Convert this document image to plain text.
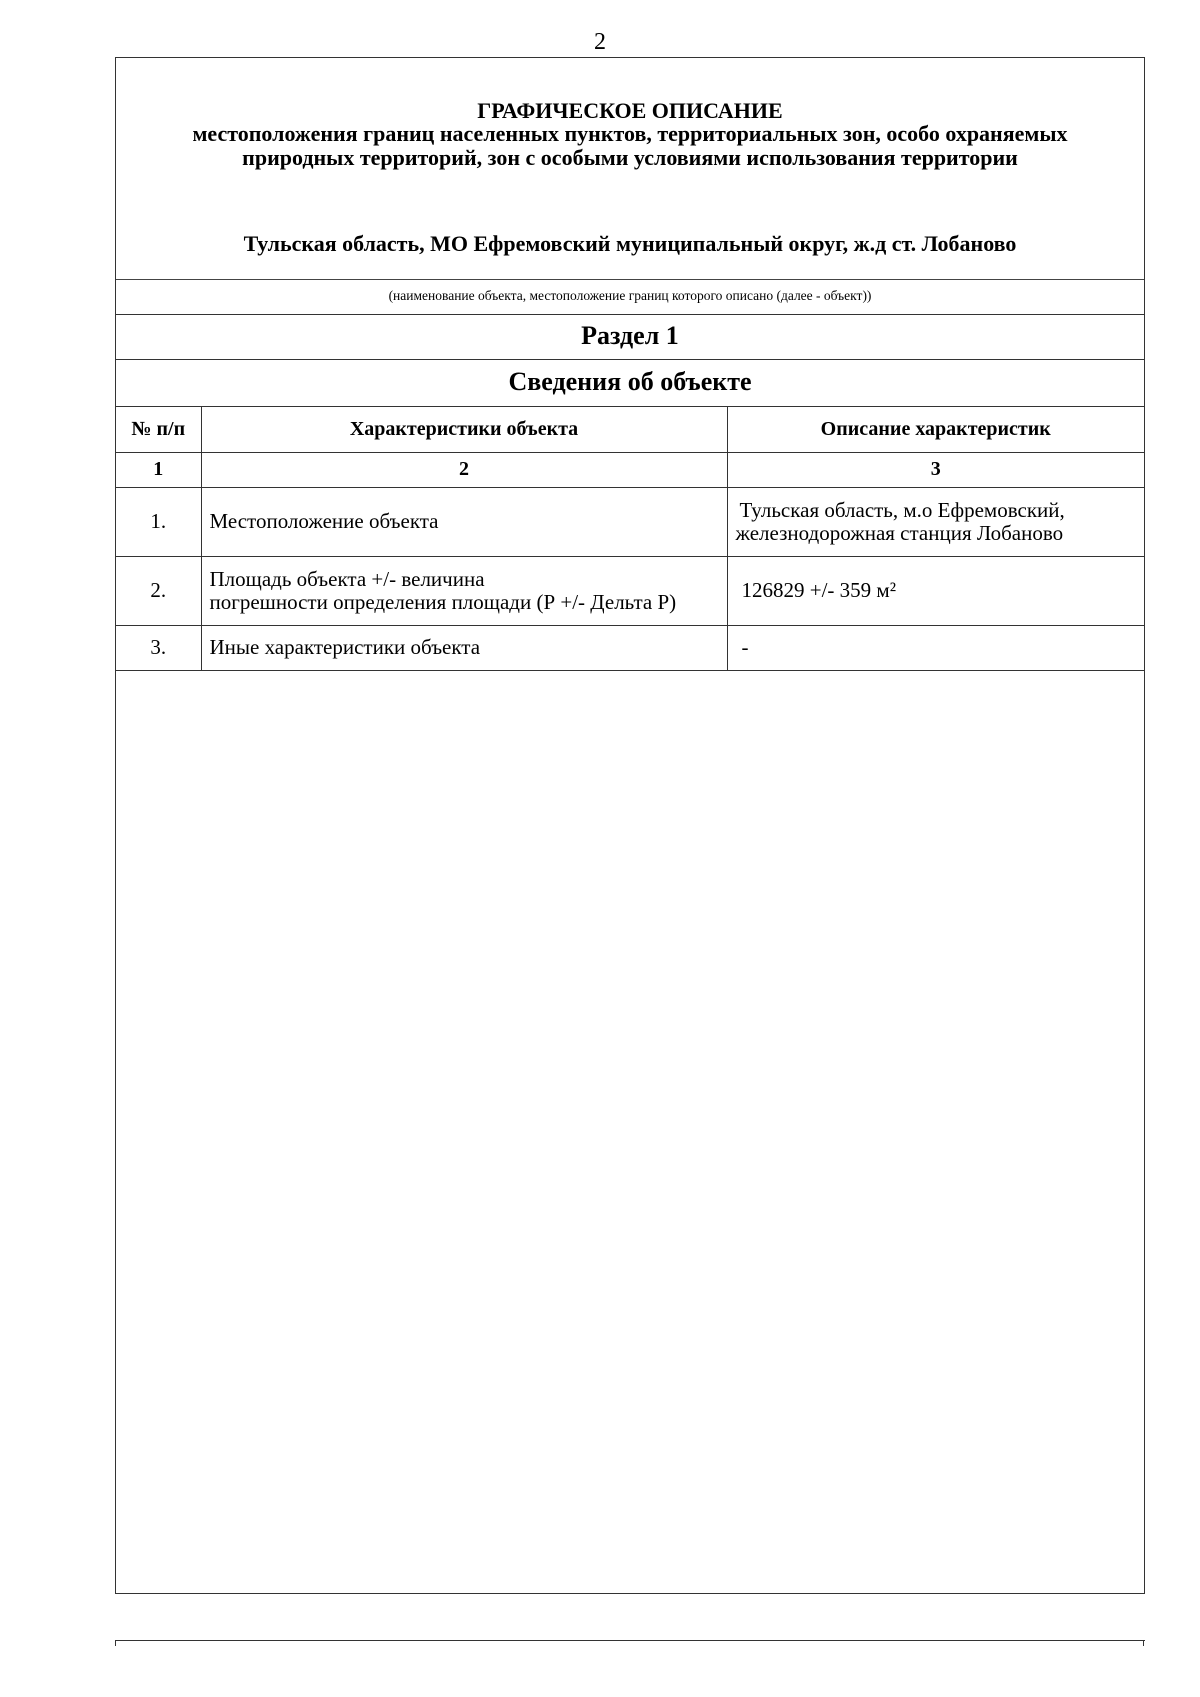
2
ГРАФИЧЕСКОЕ ОПИСАНИЕ
местоположения границ населенных пунктов, территориальных зон, особо охраняемых
природных территорий, зон с особыми условиями использования территории
Тульская область, МО Ефремовский муниципальный округ, ж.д ст. Лобаново
(наименование объекта, местоположение границ которого описано (далее - объект))
Раздел 1
Сведения об объекте
№ п/п	Характеристики объекта	Описание характеристик
1	2	3
1.	Местоположение объекта	Тульская область, м.о Ефремовский,
железнодорожная станция Лобаново

2.	Площадь объекта +/- величина
погрешности определения площади (Р +/- Дельта Р)	126829 +/- 359 м²
3.	Иные характеристики объекта	-
